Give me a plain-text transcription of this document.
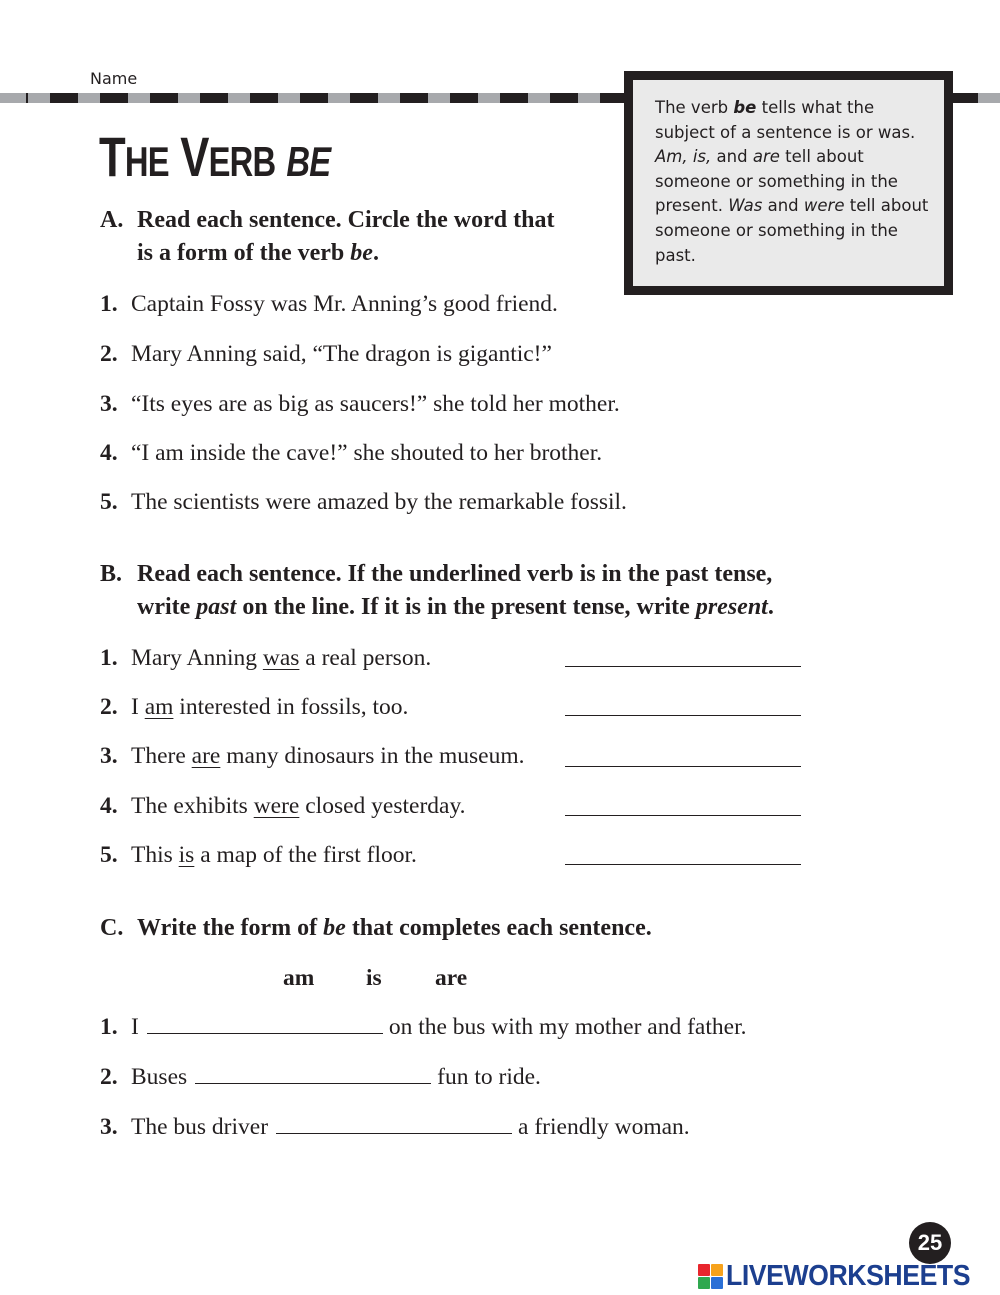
Name
The verb be tells what the subject of a sentence is or was. Am, is, and are tell about someone or something in the present. Was and were tell about someone or something in the past.
THE VERB BE
A. Read each sentence. Circle the word that
is a form of the verb be.
1. Captain Fossy was Mr. Anning’s good friend.
2. Mary Anning said, “The dragon is gigantic!”
3. “Its eyes are as big as saucers!” she told her mother.
4. “I am inside the cave!” she shouted to her brother.
5. The scientists were amazed by the remarkable fossil.
B. Read each sentence. If the underlined verb is in the past tense,
write past on the line. If it is in the present tense, write present.
1. Mary Anning was a real person.
2. I am interested in fossils, too.
3. There are many dinosaurs in the museum.
4. The exhibits were closed yesterday.
5. This is a map of the first floor.
C. Write the form of be that completes each sentence.
am is are
1. I	on the bus with my mother and father.
2. Buses	fun to ride.
3. The bus driver	a friendly woman.
25
LIVEWORKSHEETS
